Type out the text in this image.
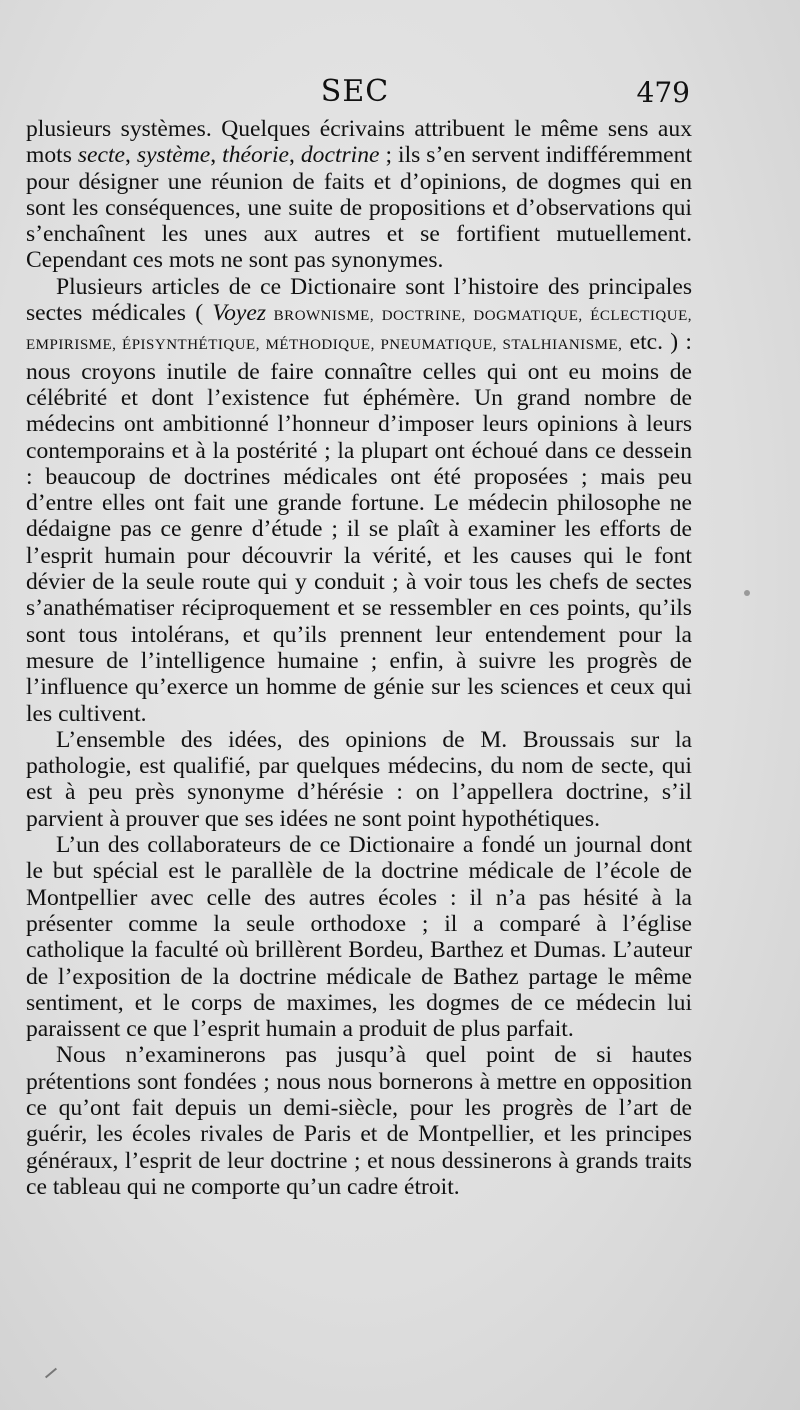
SEC	479

plusieurs systèmes. Quelques écrivains attribuent le même sens aux mots secte, système, théorie, doctrine ; ils s’en servent indifféremment pour désigner une réunion de faits et d’opinions, de dogmes qui en sont les conséquences, une suite de propositions et d’observations qui s’enchaînent les unes aux autres et se fortifient mutuellement. Cependant ces mots ne sont pas synonymes.

Plusieurs articles de ce Dictionaire sont l’histoire des principales sectes médicales ( Voyez BROWNISME, DOCTRINE, DOGMATIQUE, ÉCLECTIQUE, EMPIRISME, ÉPISYNTHÉTIQUE, MÉTHODIQUE, PNEUMATIQUE, STALHIANISME, etc. ) : nous croyons inutile de faire connaître celles qui ont eu moins de célébrité et dont l’existence fut éphémère. Un grand nombre de médecins ont ambitionné l’honneur d’imposer leurs opinions à leurs contemporains et à la postérité ; la plupart ont échoué dans ce dessein : beaucoup de doctrines médicales ont été proposées ; mais peu d’entre elles ont fait une grande fortune. Le médecin philosophe ne dédaigne pas ce genre d’étude ; il se plaît à examiner les efforts de l’esprit humain pour découvrir la vérité, et les causes qui le font dévier de la seule route qui y conduit ; à voir tous les chefs de sectes s’anathématiser réciproquement et se ressembler en ces points, qu’ils sont tous intolérans, et qu’ils prennent leur entendement pour la mesure de l’intelligence humaine ; enfin, à suivre les progrès de l’influence qu’exerce un homme de génie sur les sciences et ceux qui les cultivent.

L’ensemble des idées, des opinions de M. Broussais sur la pathologie, est qualifié, par quelques médecins, du nom de secte, qui est à peu près synonyme d’hérésie : on l’appellera doctrine, s’il parvient à prouver que ses idées ne sont point hypothétiques.

L’un des collaborateurs de ce Dictionaire a fondé un journal dont le but spécial est le parallèle de la doctrine médicale de l’école de Montpellier avec celle des autres écoles : il n’a pas hésité à la présenter comme la seule orthodoxe ; il a comparé à l’église catholique la faculté où brillèrent Bordeu, Barthez et Dumas. L’auteur de l’exposition de la doctrine médicale de Bathez partage le même sentiment, et le corps de maximes, les dogmes de ce médecin lui paraissent ce que l’esprit humain a produit de plus parfait.

Nous n’examinerons pas jusqu’à quel point de si hautes prétentions sont fondées ; nous nous bornerons à mettre en opposition ce qu’ont fait depuis un demi-siècle, pour les progrès de l’art de guérir, les écoles rivales de Paris et de Montpellier, et les principes généraux, l’esprit de leur doctrine ; et nous dessinerons à grands traits ce tableau qui ne comporte qu’un cadre étroit.
